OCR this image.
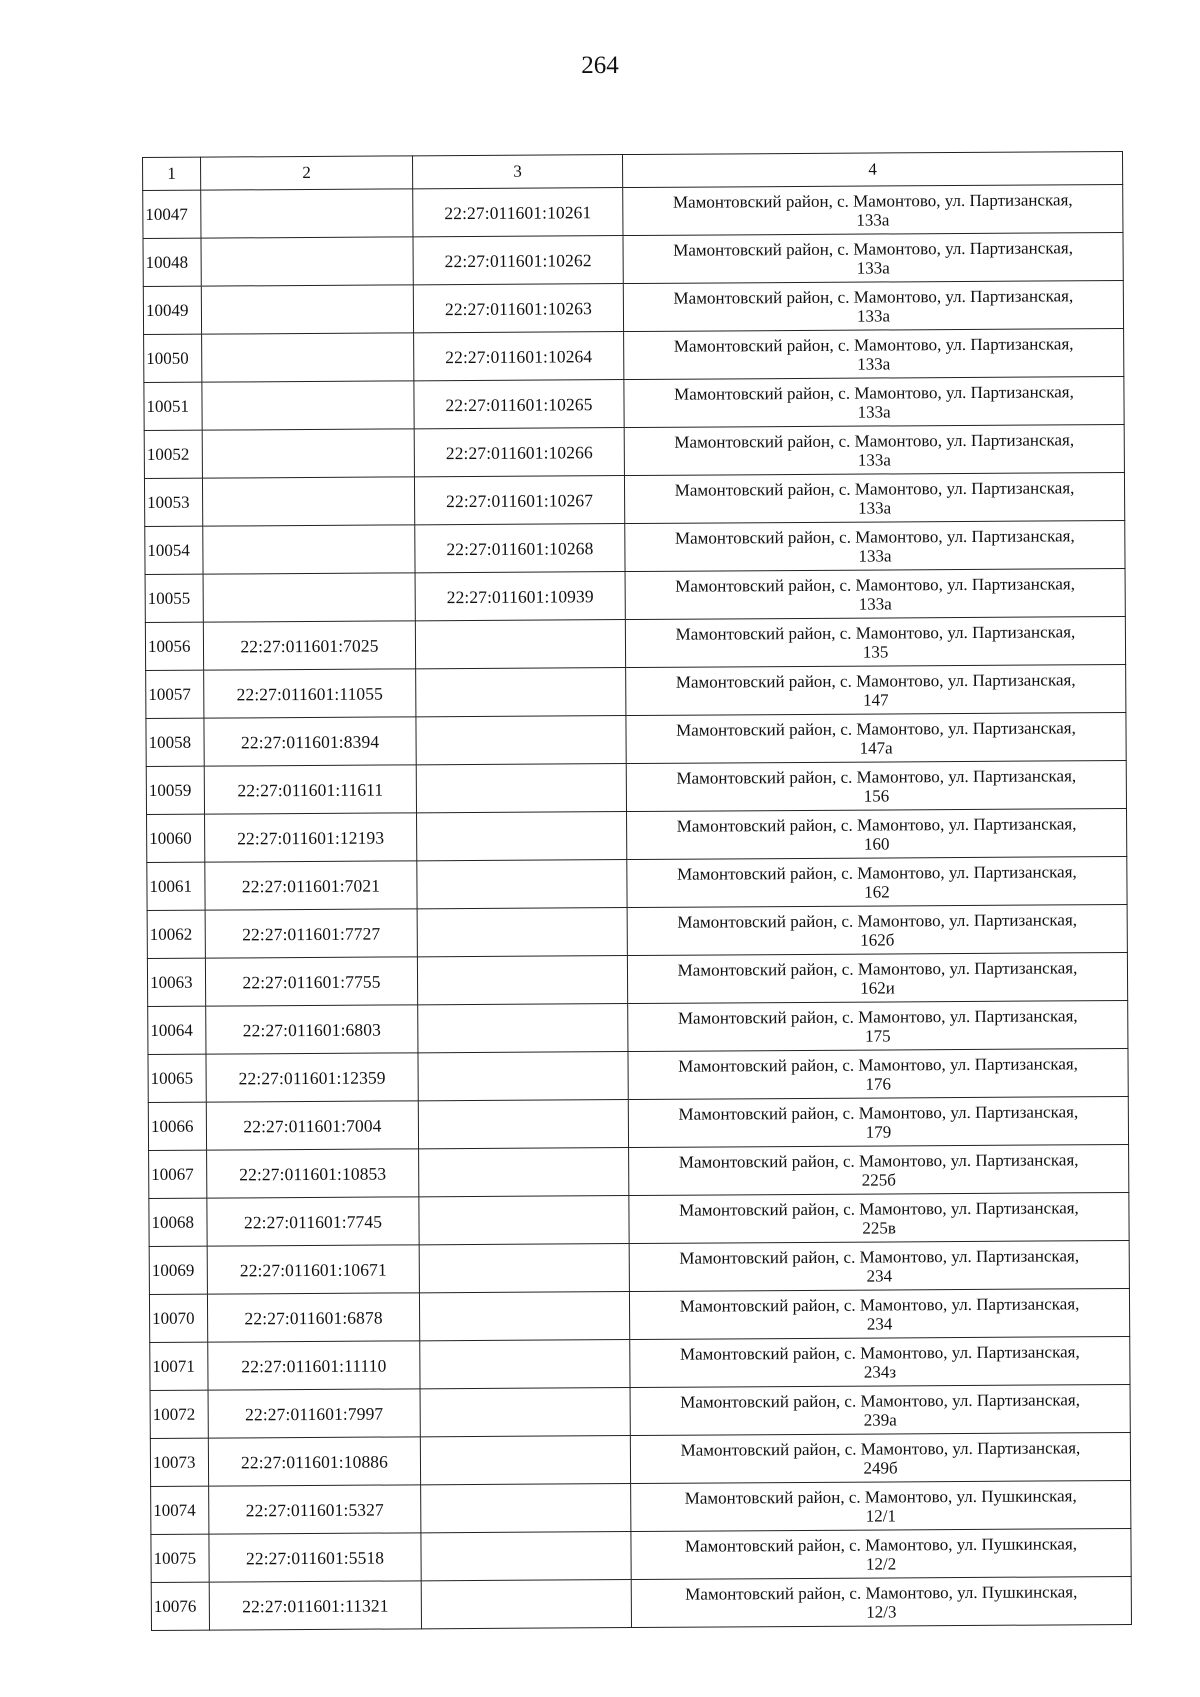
264
1	2	3	4
10047		22:27:011601:10261	Мамонтовский район, с. Мамонтово, ул. Партизанская,
133а

10048		22:27:011601:10262	Мамонтовский район, с. Мамонтово, ул. Партизанская,
133а

10049		22:27:011601:10263	Мамонтовский район, с. Мамонтово, ул. Партизанская,
133а

10050		22:27:011601:10264	Мамонтовский район, с. Мамонтово, ул. Партизанская,
133а

10051		22:27:011601:10265	Мамонтовский район, с. Мамонтово, ул. Партизанская,
133а

10052		22:27:011601:10266	Мамонтовский район, с. Мамонтово, ул. Партизанская,
133а

10053		22:27:011601:10267	Мамонтовский район, с. Мамонтово, ул. Партизанская,
133а

10054		22:27:011601:10268	Мамонтовский район, с. Мамонтово, ул. Партизанская,
133а

10055		22:27:011601:10939	Мамонтовский район, с. Мамонтово, ул. Партизанская,
133а

10056	22:27:011601:7025		Мамонтовский район, с. Мамонтово, ул. Партизанская,
135

10057	22:27:011601:11055		Мамонтовский район, с. Мамонтово, ул. Партизанская,
147

10058	22:27:011601:8394		Мамонтовский район, с. Мамонтово, ул. Партизанская,
147а

10059	22:27:011601:11611		Мамонтовский район, с. Мамонтово, ул. Партизанская,
156

10060	22:27:011601:12193		Мамонтовский район, с. Мамонтово, ул. Партизанская,
160

10061	22:27:011601:7021		Мамонтовский район, с. Мамонтово, ул. Партизанская,
162

10062	22:27:011601:7727		Мамонтовский район, с. Мамонтово, ул. Партизанская,
162б

10063	22:27:011601:7755		Мамонтовский район, с. Мамонтово, ул. Партизанская,
162и

10064	22:27:011601:6803		Мамонтовский район, с. Мамонтово, ул. Партизанская,
175

10065	22:27:011601:12359		Мамонтовский район, с. Мамонтово, ул. Партизанская,
176

10066	22:27:011601:7004		Мамонтовский район, с. Мамонтово, ул. Партизанская,
179

10067	22:27:011601:10853		Мамонтовский район, с. Мамонтово, ул. Партизанская,
225б

10068	22:27:011601:7745		Мамонтовский район, с. Мамонтово, ул. Партизанская,
225в

10069	22:27:011601:10671		Мамонтовский район, с. Мамонтово, ул. Партизанская,
234

10070	22:27:011601:6878		Мамонтовский район, с. Мамонтово, ул. Партизанская,
234

10071	22:27:011601:11110		Мамонтовский район, с. Мамонтово, ул. Партизанская,
234з

10072	22:27:011601:7997		Мамонтовский район, с. Мамонтово, ул. Партизанская,
239а

10073	22:27:011601:10886		Мамонтовский район, с. Мамонтово, ул. Партизанская,
249б

10074	22:27:011601:5327		Мамонтовский район, с. Мамонтово, ул. Пушкинская,
12/1

10075	22:27:011601:5518		Мамонтовский район, с. Мамонтово, ул. Пушкинская,
12/2

10076	22:27:011601:11321		Мамонтовский район, с. Мамонтово, ул. Пушкинская,
12/3
